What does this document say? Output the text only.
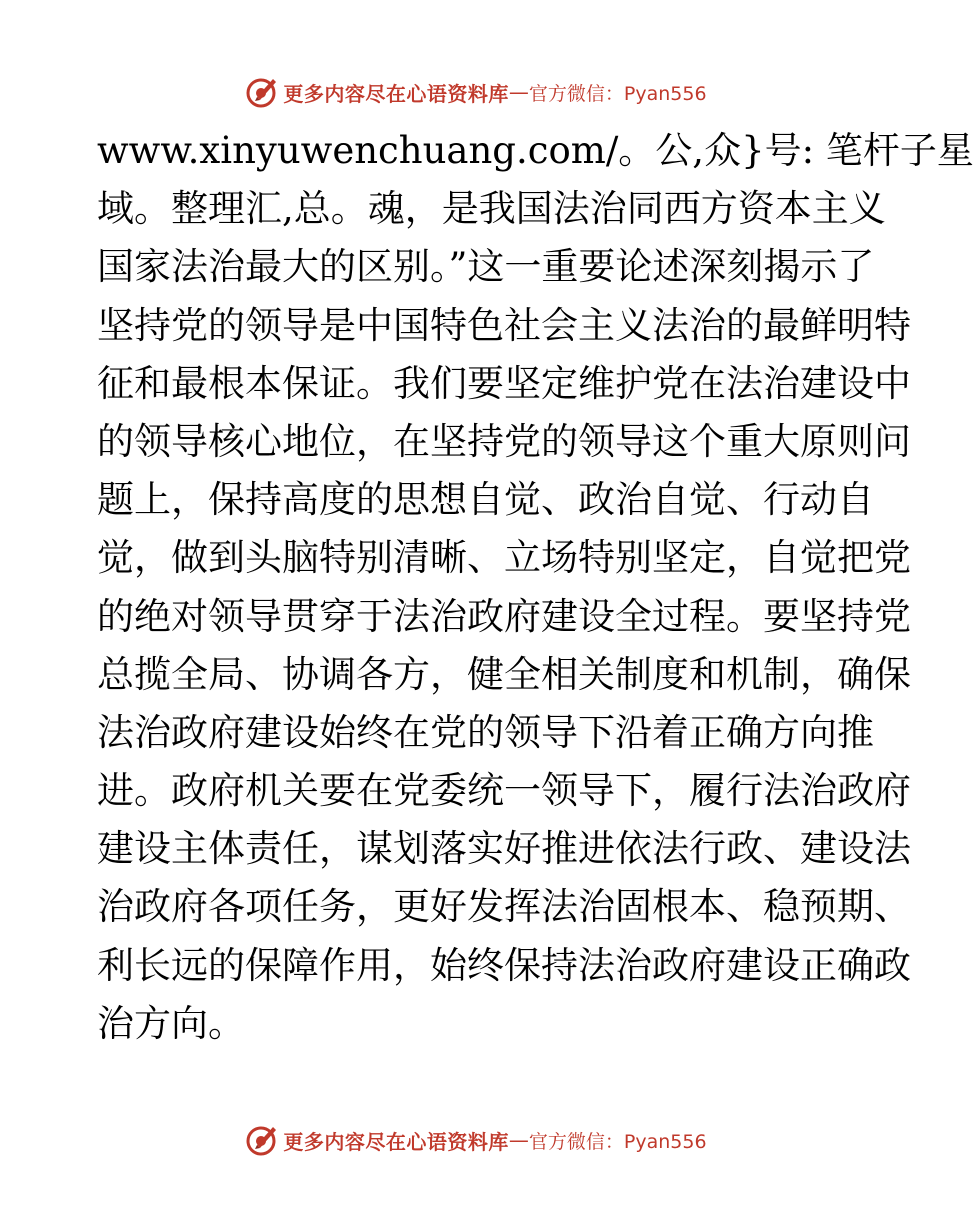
更多内容尽在心语资料库 — 官方微信：Pyan556
www.xinyuwenchuang.com/。公,众}号: 笔杆子星
域。整理汇,总。魂，是我国法治同西方资本主义
国家法治最大的区别。”这一重要论述深刻揭示了
坚持党的领导是中国特色社会主义法治的最鲜明特
征和最根本保证。我们要坚定维护党在法治建设中
的领导核心地位，在坚持党的领导这个重大原则问
题上，保持高度的思想自觉、政治自觉、行动自
觉，做到头脑特别清晰、立场特别坚定，自觉把党
的绝对领导贯穿于法治政府建设全过程。要坚持党
总揽全局、协调各方，健全相关制度和机制，确保
法治政府建设始终在党的领导下沿着正确方向推
进。政府机关要在党委统一领导下，履行法治政府
建设主体责任，谋划落实好推进依法行政、建设法
治政府各项任务，更好发挥法治固根本、稳预期、
利长远的保障作用，始终保持法治政府建设正确政
治方向。
更多内容尽在心语资料库 — 官方微信：Pyan556
